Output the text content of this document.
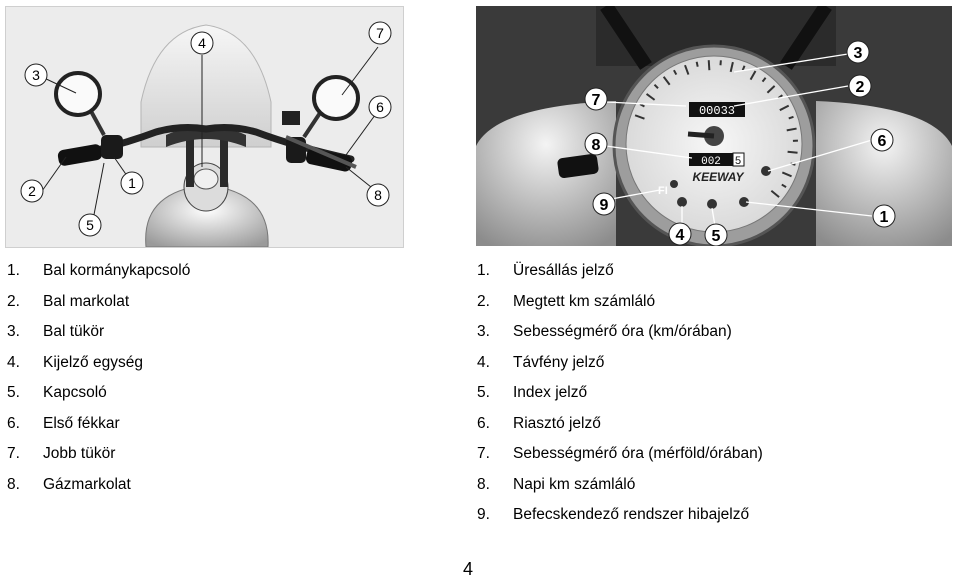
3
4
7
6
2	1
5
8
00033
002 5
KEEWAY
FI
3
2
7
8	6
9
1
4 5
1. Bal kormánykapcsoló
2. Bal markolat
3. Bal tükör
4. Kijelző egység
5. Kapcsoló
6. Első fékkar
7. Jobb tükör
8. Gázmarkolat
1. Üresállás jelző
2. Megtett km számláló
3. Sebességmérő óra (km/órában)
4. Távfény jelző
5. Index jelző
6. Riasztó jelző
7. Sebességmérő óra (mérföld/órában)
8. Napi km számláló
9. Befecskendező rendszer hibajelző
4
